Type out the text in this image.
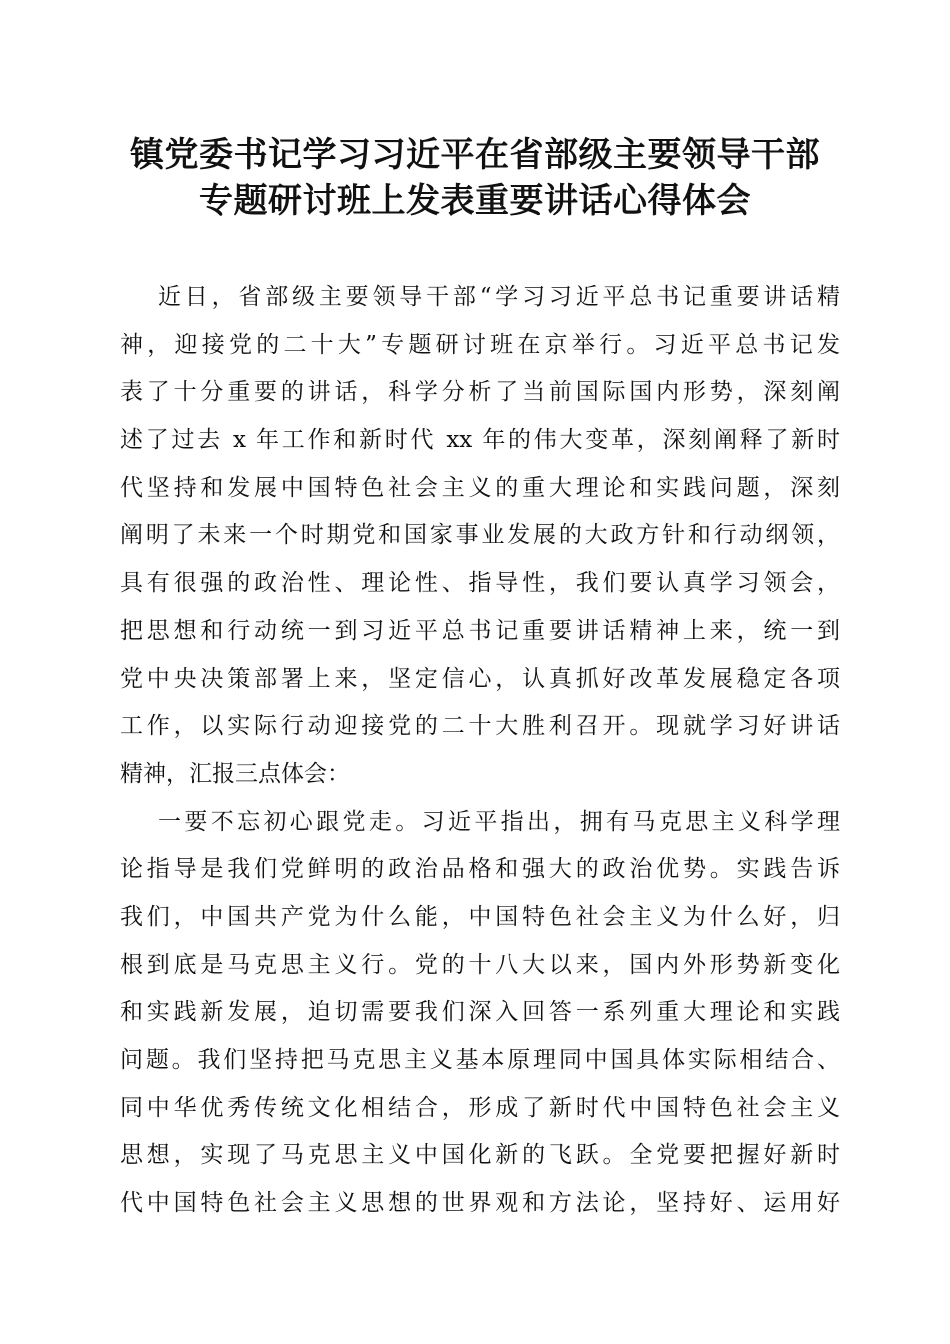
镇党委书记学习习近平在省部级主要领导干部
专题研讨班上发表重要讲话心得体会
近日，省部级主要领导干部“学习习近平总书记重要讲话精
神，迎接党的二十大”专题研讨班在京举行。习近平总书记发
表了十分重要的讲话，科学分析了当前国际国内形势，深刻阐
述了过去 x 年工作和新时代 xx 年的伟大变革，深刻阐释了新时
代坚持和发展中国特色社会主义的重大理论和实践问题，深刻
阐明了未来一个时期党和国家事业发展的大政方针和行动纲领，
具有很强的政治性、理论性、指导性，我们要认真学习领会，
把思想和行动统一到习近平总书记重要讲话精神上来，统一到
党中央决策部署上来，坚定信心，认真抓好改革发展稳定各项
工作，以实际行动迎接党的二十大胜利召开。现就学习好讲话
精神，汇报三点体会：
一要不忘初心跟党走。习近平指出，拥有马克思主义科学理
论指导是我们党鲜明的政治品格和强大的政治优势。实践告诉
我们，中国共产党为什么能，中国特色社会主义为什么好，归
根到底是马克思主义行。党的十八大以来，国内外形势新变化
和实践新发展，迫切需要我们深入回答一系列重大理论和实践
问题。我们坚持把马克思主义基本原理同中国具体实际相结合、
同中华优秀传统文化相结合，形成了新时代中国特色社会主义
思想，实现了马克思主义中国化新的飞跃。全党要把握好新时
代中国特色社会主义思想的世界观和方法论，坚持好、运用好
